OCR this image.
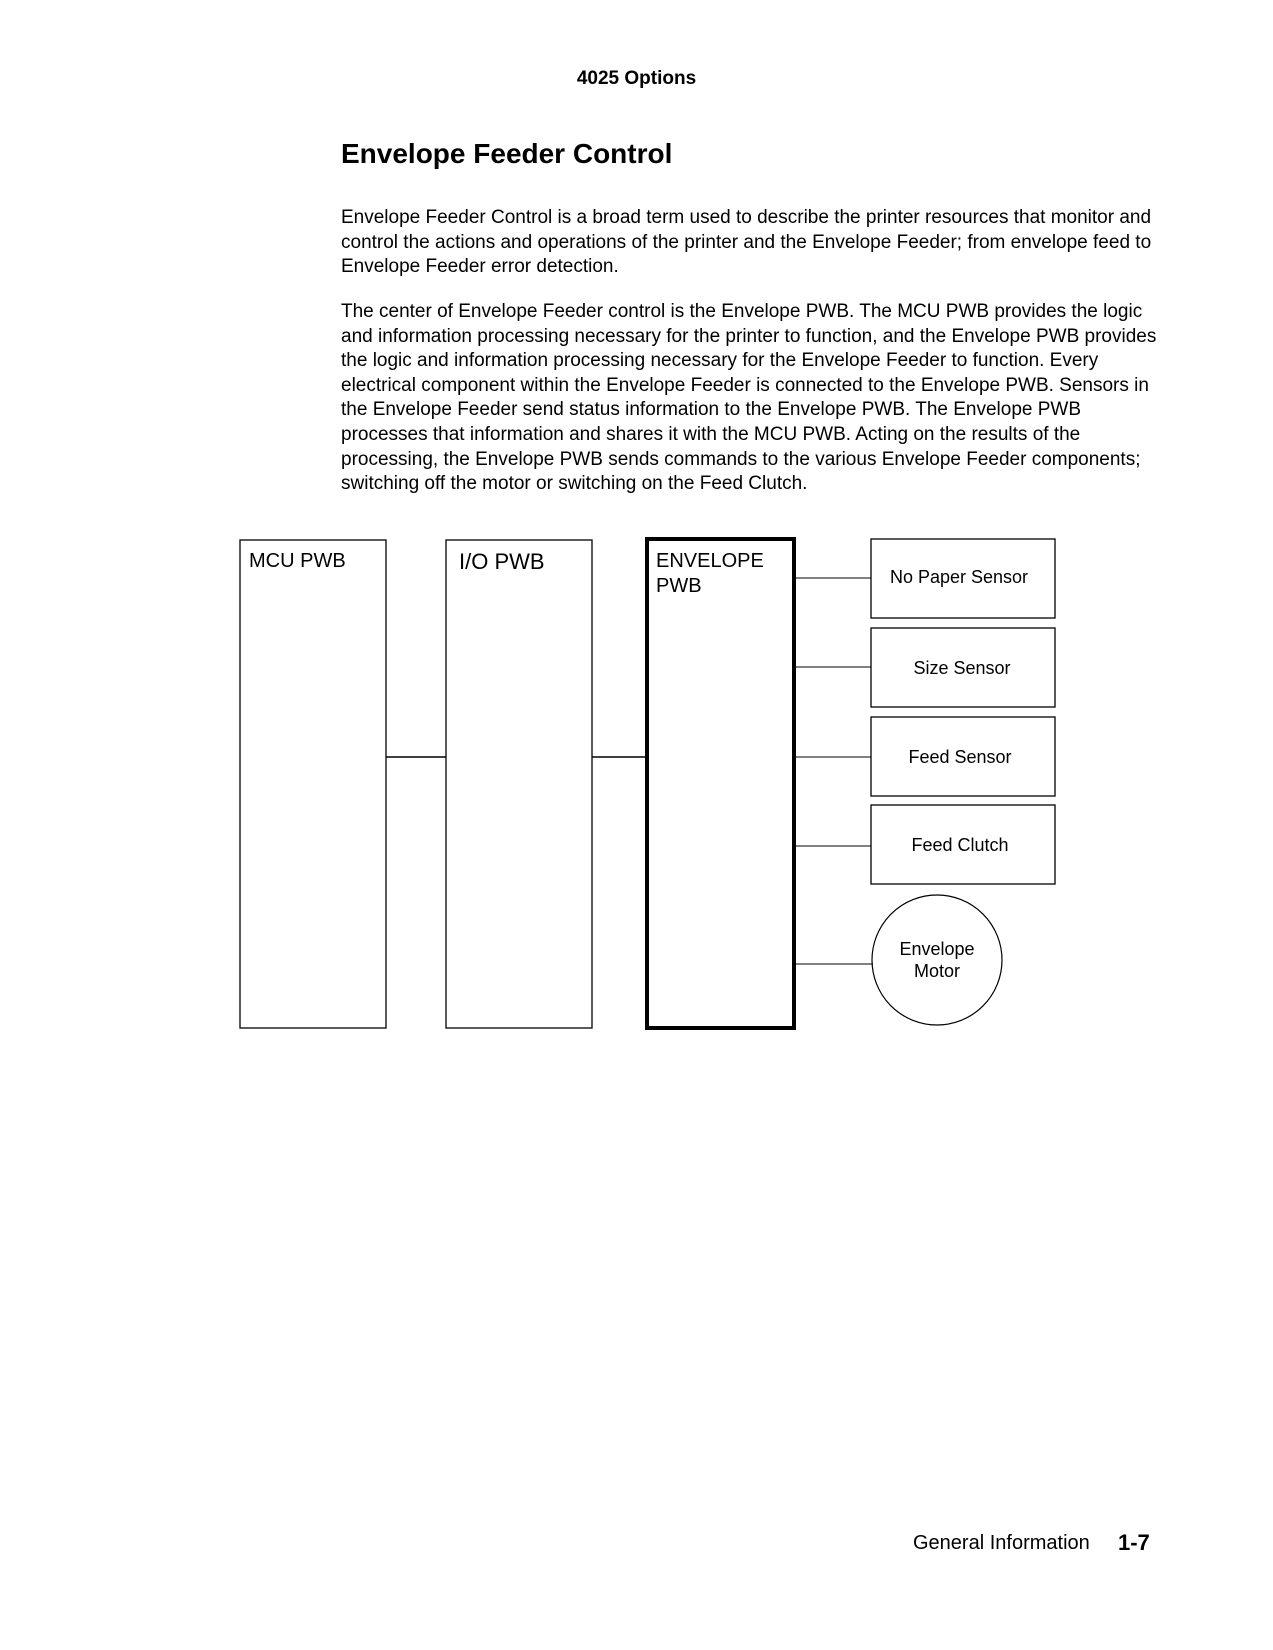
4025 Options

Envelope Feeder Control

Envelope Feeder Control is a broad term used to describe the printer resources that monitor and control the actions and operations of the printer and the Envelope Feeder; from envelope feed to Envelope Feeder error detection.

The center of Envelope Feeder control is the Envelope PWB. The MCU PWB provides the logic and information processing necessary for the printer to function, and the Envelope PWB provides the logic and information processing necessary for the Envelope Feeder to function. Every electrical component within the Envelope Feeder is connected to the Envelope PWB. Sensors in the Envelope Feeder send status information to the Envelope PWB. The Envelope PWB processes that information and shares it with the MCU PWB. Acting on the results of the processing, the Envelope PWB sends commands to the various Envelope Feeder components; switching off the motor or switching on the Feed Clutch.

MCU PWB	I/O PWB	ENVELOPE
PWB	No Paper Sensor
Size Sensor
Feed Sensor
Feed Clutch
Envelope
Motor

General Information 1-7
